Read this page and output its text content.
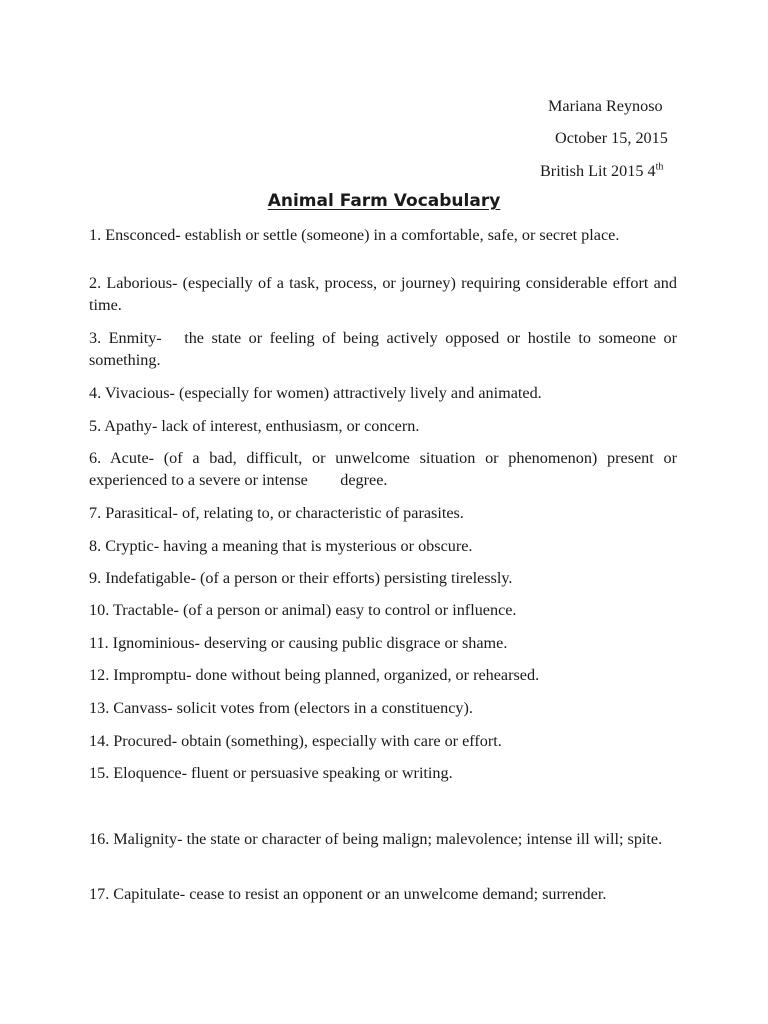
Mariana Reynoso
October 15, 2015
British Lit 2015 4th
Animal Farm Vocabulary
1. Ensconced- establish or settle (someone) in a comfortable, safe, or secret place.
2. Laborious- (especially of a task, process, or journey) requiring considerable effort and time.
3. Enmity-   the state or feeling of being actively opposed or hostile to someone or something.
4. Vivacious- (especially for women) attractively lively and animated.
5. Apathy- lack of interest, enthusiasm, or concern.
6. Acute- (of a bad, difficult, or unwelcome situation or phenomenon) present or experienced to a severe or intense        degree.
7. Parasitical- of, relating to, or characteristic of parasites.
8. Cryptic- having a meaning that is mysterious or obscure.
9. Indefatigable- (of a person or their efforts) persisting tirelessly.
10. Tractable- (of a person or animal) easy to control or influence.
11. Ignominious- deserving or causing public disgrace or shame.
12. Impromptu- done without being planned, organized, or rehearsed.
13. Canvass- solicit votes from (electors in a constituency).
14. Procured- obtain (something), especially with care or effort.
15. Eloquence- fluent or persuasive speaking or writing.
16. Malignity- the state or character of being malign; malevolence; intense ill will; spite.
17. Capitulate- cease to resist an opponent or an unwelcome demand; surrender.
